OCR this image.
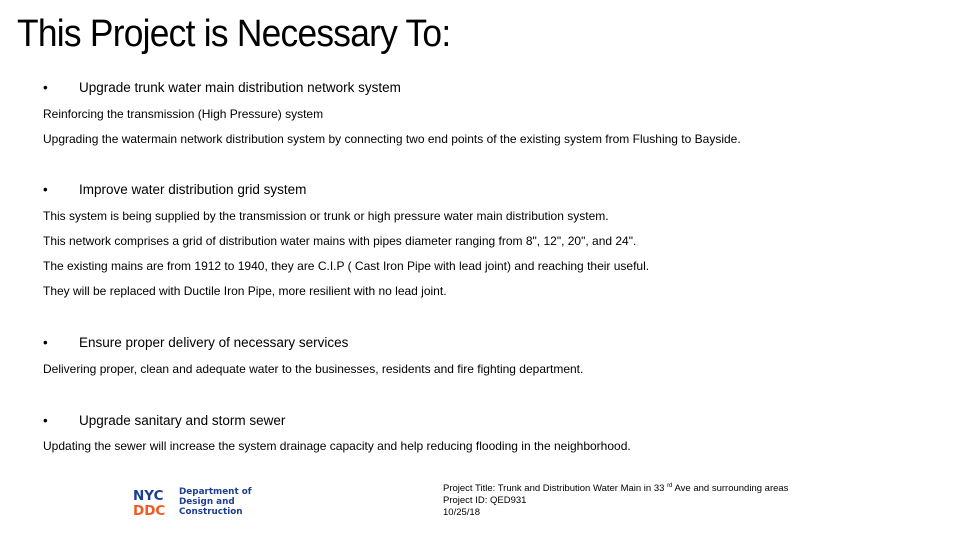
This Project is Necessary To:
•	Upgrade trunk water main distribution network system
Reinforcing the transmission (High Pressure) system
Upgrading the watermain network distribution system by connecting two end points of the existing system from Flushing to Bayside.
•	Improve water distribution grid system
This system is being supplied by the transmission or trunk or high pressure water main distribution system.
This network comprises a grid of distribution water mains with pipes diameter ranging from 8", 12", 20", and 24".
The existing mains are from 1912 to 1940, they are C.I.P ( Cast Iron Pipe with lead joint) and reaching their useful.
They will be replaced with Ductile Iron Pipe, more resilient with no lead joint.
•	Ensure proper delivery of necessary services
Delivering proper, clean and adequate water to the businesses, residents and fire fighting department.
•	Upgrade sanitary and storm sewer
Updating the sewer will increase the system drainage capacity and help reducing flooding in the neighborhood.
NYC
DDC
Department of
Design and
Construction
Project Title: Trunk and Distribution Water Main in 33 $^{rd}$ Ave and surrounding areas
Project ID: QED931
10/25/18
